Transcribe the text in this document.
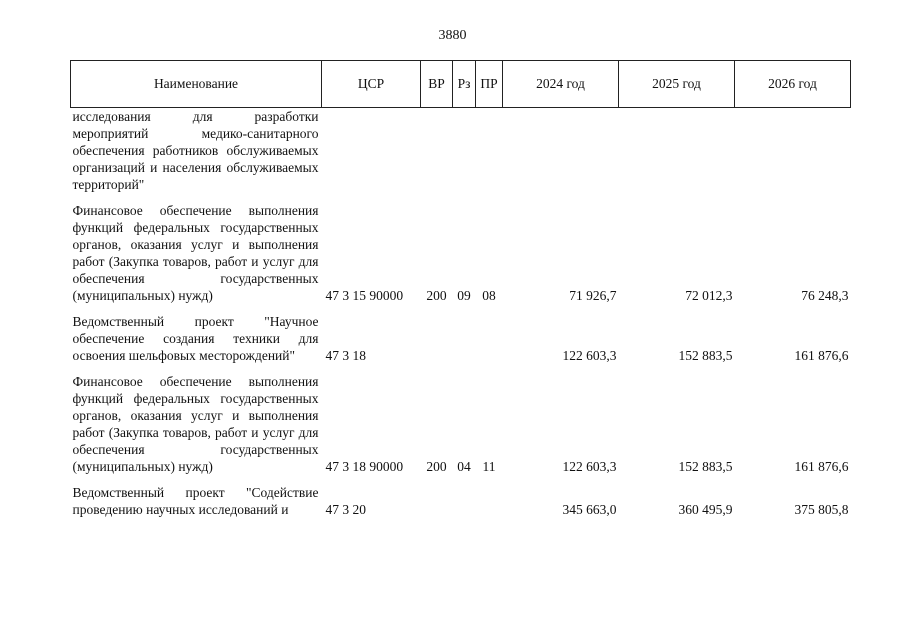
3880
Наименование	ЦСР	ВР	Рз	ПР	2024 год	2025 год	2026 год
исследования для разработки мероприятий медико-санитарного обеспечения работников обслуживаемых организаций и населения обслуживаемых территорий"							
Финансовое обеспечение выполнения функций федеральных государственных органов, оказания услуг и выполнения работ (Закупка товаров, работ и услуг для обеспечения государственных (муниципальных) нужд)	47 3 15 90000	200	09	08	71 926,7	72 012,3	76 248,3
Ведомственный проект "Научное обеспечение создания техники для освоения шельфовых месторождений"	47 3 18				122 603,3	152 883,5	161 876,6
Финансовое обеспечение выполнения функций федеральных государственных органов, оказания услуг и выполнения работ (Закупка товаров, работ и услуг для обеспечения государственных (муниципальных) нужд)	47 3 18 90000	200	04	11	122 603,3	152 883,5	161 876,6
Ведомственный проект "Содействие проведению научных исследований и	47 3 20				345 663,0	360 495,9	375 805,8
